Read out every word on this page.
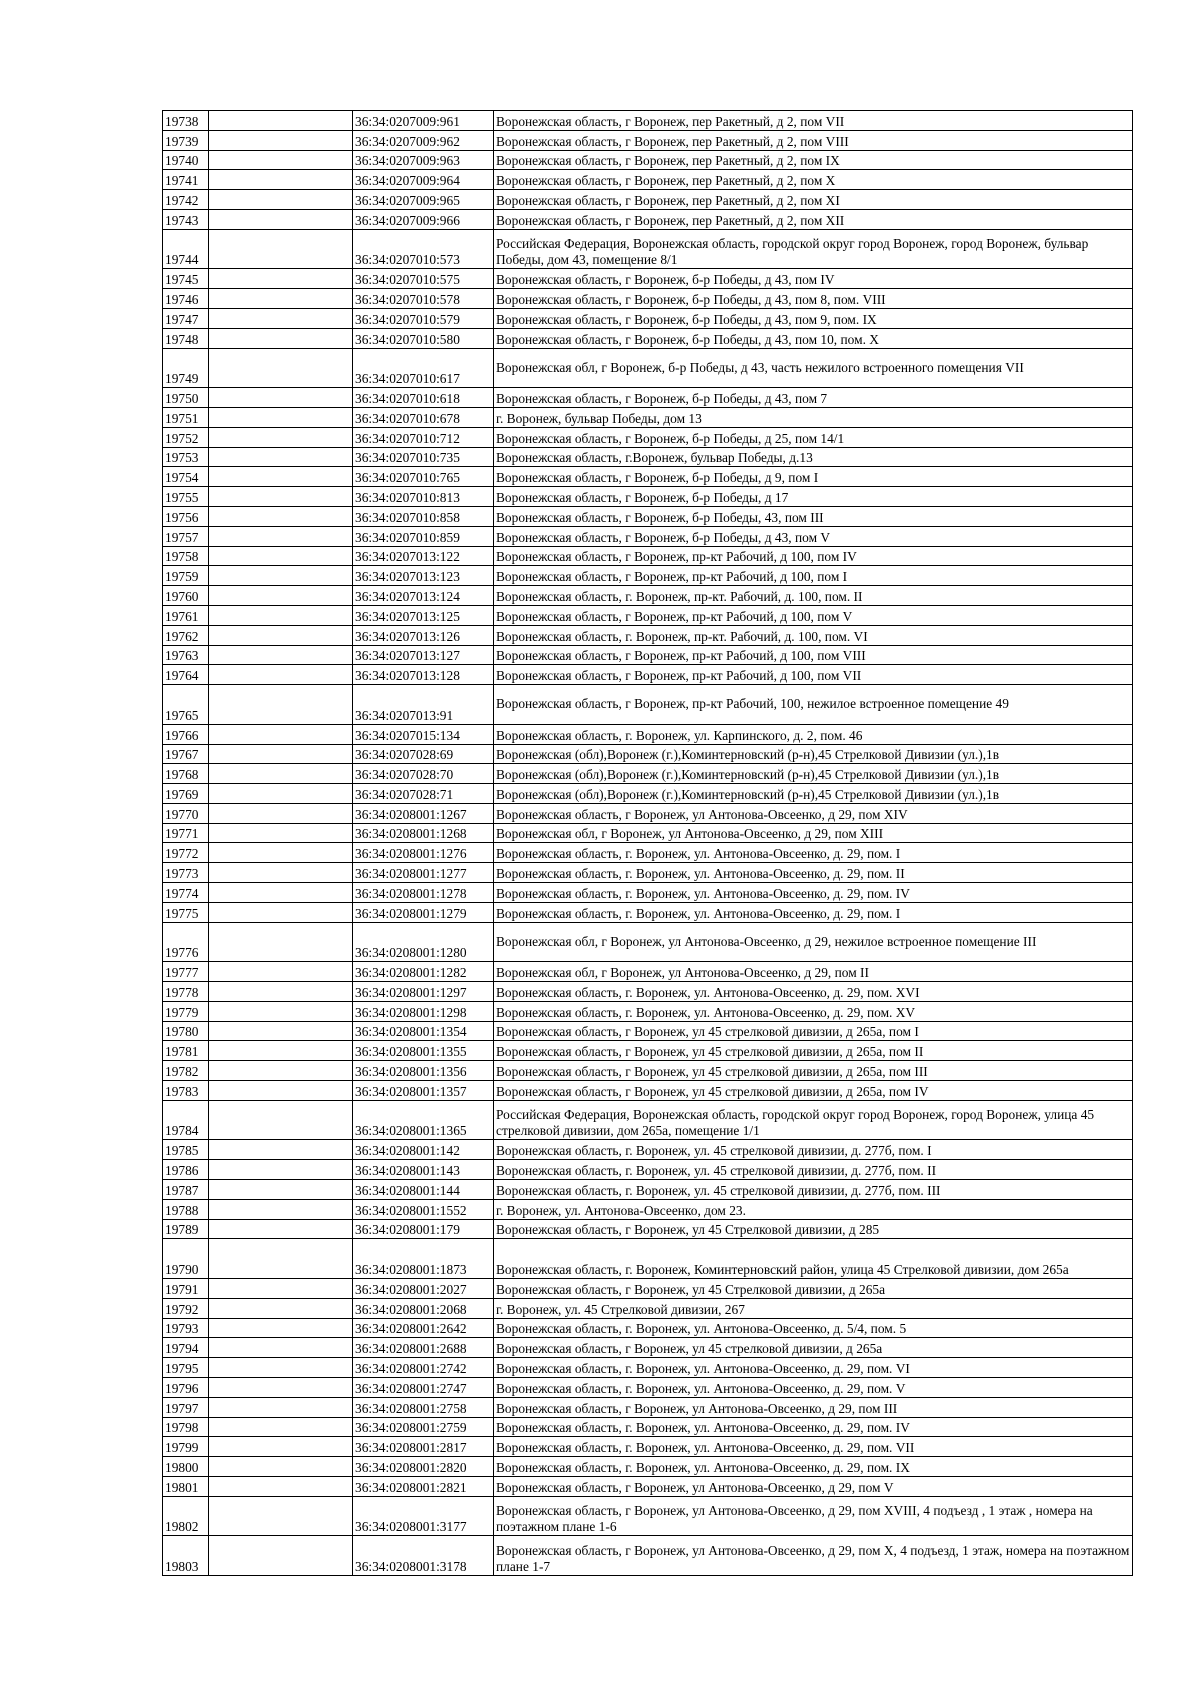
19738		36:34:0207009:961	Воронежская область, г Воронеж, пер Ракетный, д 2, пом VII
19739		36:34:0207009:962	Воронежская область, г Воронеж, пер Ракетный, д 2, пом VIII
19740		36:34:0207009:963	Воронежская область, г Воронеж, пер Ракетный, д 2, пом IX
19741		36:34:0207009:964	Воронежская область, г Воронеж, пер Ракетный, д 2, пом X
19742		36:34:0207009:965	Воронежская область, г Воронеж, пер Ракетный, д 2, пом XI
19743		36:34:0207009:966	Воронежская область, г Воронеж, пер Ракетный, д 2, пом XII
19744		36:34:0207010:573	Российская Федерация, Воронежская область, городской округ город Воронеж, город Воронеж, бульвар Победы, дом 43, помещение 8/1
19745		36:34:0207010:575	Воронежская область, г Воронеж, б-р Победы, д 43, пом IV
19746		36:34:0207010:578	Воронежская область, г Воронеж, б-р Победы, д 43, пом 8, пом. VIII
19747		36:34:0207010:579	Воронежская область, г Воронеж, б-р Победы, д 43, пом 9, пом. IX
19748		36:34:0207010:580	Воронежская область, г Воронеж, б-р Победы, д 43, пом 10, пом. X
19749		36:34:0207010:617	Воронежская обл, г Воронеж, б-р Победы, д 43, часть нежилого встроенного помещения VII
19750		36:34:0207010:618	Воронежская область, г Воронеж, б-р Победы, д 43, пом 7
19751		36:34:0207010:678	г. Воронеж, бульвар Победы, дом 13
19752		36:34:0207010:712	Воронежская область, г Воронеж, б-р Победы, д 25, пом 14/1
19753		36:34:0207010:735	Воронежская область, г.Воронеж, бульвар Победы, д.13
19754		36:34:0207010:765	Воронежская область, г Воронеж, б-р Победы, д 9, пом I
19755		36:34:0207010:813	Воронежская область, г Воронеж, б-р Победы, д 17
19756		36:34:0207010:858	Воронежская область, г Воронеж, б-р Победы, 43, пом III
19757		36:34:0207010:859	Воронежская область, г Воронеж, б-р Победы, д 43, пом V
19758		36:34:0207013:122	Воронежская область, г Воронеж, пр-кт Рабочий, д 100, пом IV
19759		36:34:0207013:123	Воронежская область, г Воронеж, пр-кт Рабочий, д 100, пом I
19760		36:34:0207013:124	Воронежская область, г. Воронеж, пр-кт. Рабочий, д. 100, пом. II
19761		36:34:0207013:125	Воронежская область, г Воронеж, пр-кт Рабочий, д 100, пом V
19762		36:34:0207013:126	Воронежская область, г. Воронеж, пр-кт. Рабочий, д. 100, пом. VI
19763		36:34:0207013:127	Воронежская область, г Воронеж, пр-кт Рабочий, д 100, пом VIII
19764		36:34:0207013:128	Воронежская область, г Воронеж, пр-кт Рабочий, д 100, пом VII
19765		36:34:0207013:91	Воронежская область, г Воронеж, пр-кт Рабочий, 100, нежилое встроенное помещение 49
19766		36:34:0207015:134	Воронежская область, г. Воронеж, ул. Карпинского, д. 2, пом. 46
19767		36:34:0207028:69	Воронежская (обл),Воронеж (г.),Коминтерновский (р-н),45 Стрелковой Дивизии (ул.),1в
19768		36:34:0207028:70	Воронежская (обл),Воронеж (г.),Коминтерновский (р-н),45 Стрелковой Дивизии (ул.),1в
19769		36:34:0207028:71	Воронежская (обл),Воронеж (г.),Коминтерновский (р-н),45 Стрелковой Дивизии (ул.),1в
19770		36:34:0208001:1267	Воронежская область, г Воронеж, ул Антонова-Овсеенко, д 29, пом XIV
19771		36:34:0208001:1268	Воронежская обл, г Воронеж, ул Антонова-Овсеенко, д 29, пом XIII
19772		36:34:0208001:1276	Воронежская область, г. Воронеж, ул. Антонова-Овсеенко, д. 29, пом. I
19773		36:34:0208001:1277	Воронежская область, г. Воронеж, ул. Антонова-Овсеенко, д. 29, пом. II
19774		36:34:0208001:1278	Воронежская область, г. Воронеж, ул. Антонова-Овсеенко, д. 29, пом. IV
19775		36:34:0208001:1279	Воронежская область, г. Воронеж, ул. Антонова-Овсеенко, д. 29, пом. I
19776		36:34:0208001:1280	Воронежская обл, г Воронеж, ул Антонова-Овсеенко, д 29, нежилое встроенное помещение III
19777		36:34:0208001:1282	Воронежская обл, г Воронеж, ул Антонова-Овсеенко, д 29, пом II
19778		36:34:0208001:1297	Воронежская область, г. Воронеж, ул. Антонова-Овсеенко, д. 29, пом. XVI
19779		36:34:0208001:1298	Воронежская область, г. Воронеж, ул. Антонова-Овсеенко, д. 29, пом. XV
19780		36:34:0208001:1354	Воронежская область, г Воронеж, ул 45 стрелковой дивизии, д 265а, пом I
19781		36:34:0208001:1355	Воронежская область, г Воронеж, ул 45 стрелковой дивизии, д 265а, пом II
19782		36:34:0208001:1356	Воронежская область, г Воронеж, ул 45 стрелковой дивизии, д 265а, пом III
19783		36:34:0208001:1357	Воронежская область, г Воронеж, ул 45 стрелковой дивизии, д 265а, пом IV
19784		36:34:0208001:1365	Российская Федерация, Воронежская область, городской округ город Воронеж, город Воронеж, улица 45 стрелковой дивизии, дом 265а, помещение 1/1
19785		36:34:0208001:142	Воронежская область, г. Воронеж, ул. 45 стрелковой дивизии, д. 277б, пом. I
19786		36:34:0208001:143	Воронежская область, г. Воронеж, ул. 45 стрелковой дивизии, д. 277б, пом. II
19787		36:34:0208001:144	Воронежская область, г. Воронеж, ул. 45 стрелковой дивизии, д. 277б, пом. III
19788		36:34:0208001:1552	г. Воронеж, ул. Антонова-Овсеенко, дом 23.
19789		36:34:0208001:179	Воронежская область, г Воронеж, ул 45 Стрелковой дивизии, д 285
19790		36:34:0208001:1873	Воронежская область, г. Воронеж, Коминтерновский район, улица 45 Стрелковой дивизии, дом 265а
19791		36:34:0208001:2027	Воронежская область, г Воронеж, ул 45 Стрелковой дивизии, д 265а
19792		36:34:0208001:2068	г. Воронеж, ул. 45 Стрелковой дивизии, 267
19793		36:34:0208001:2642	Воронежская область, г. Воронеж, ул. Антонова-Овсеенко, д. 5/4, пом. 5
19794		36:34:0208001:2688	Воронежская область, г Воронеж, ул 45 стрелковой дивизии, д 265а
19795		36:34:0208001:2742	Воронежская область, г. Воронеж, ул. Антонова-Овсеенко, д. 29, пом. VI
19796		36:34:0208001:2747	Воронежская область, г. Воронеж, ул. Антонова-Овсеенко, д. 29, пом. V
19797		36:34:0208001:2758	Воронежская область, г Воронеж, ул Антонова-Овсеенко, д 29, пом III
19798		36:34:0208001:2759	Воронежская область, г. Воронеж, ул. Антонова-Овсеенко, д. 29, пом. IV
19799		36:34:0208001:2817	Воронежская область, г. Воронеж, ул. Антонова-Овсеенко, д. 29, пом. VII
19800		36:34:0208001:2820	Воронежская область, г. Воронеж, ул. Антонова-Овсеенко, д. 29, пом. IX
19801		36:34:0208001:2821	Воронежская область, г Воронеж, ул Антонова-Овсеенко, д 29, пом V
19802		36:34:0208001:3177	Воронежская область, г Воронеж, ул Антонова-Овсеенко, д 29, пом XVIII, 4 подъезд , 1 этаж , номера на поэтажном плане 1-6
19803		36:34:0208001:3178	Воронежская область, г Воронеж, ул Антонова-Овсеенко, д 29, пом X, 4 подъезд, 1 этаж, номера на поэтажном плане 1-7
